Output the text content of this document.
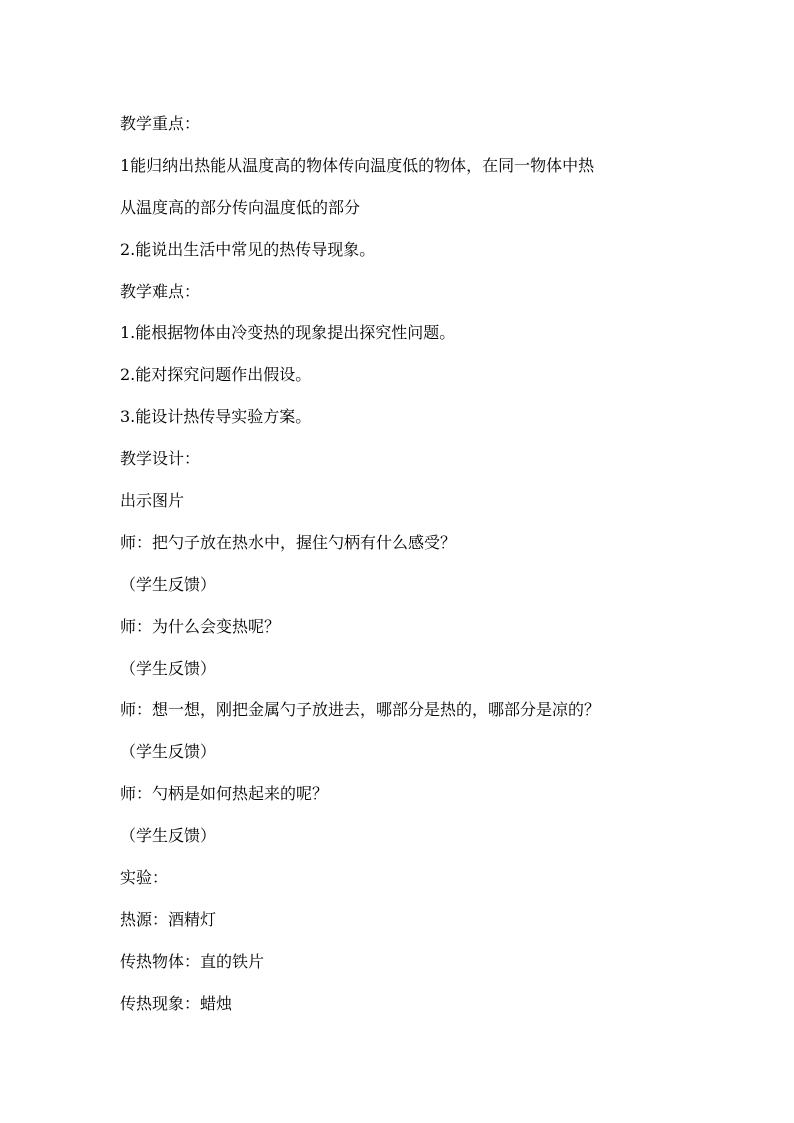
教学重点：
1能归纳出热能从温度高的物体传向温度低的物体，在同一物体中热
从温度高的部分传向温度低的部分
2.能说出生活中常见的热传导现象。
教学难点：
1.能根据物体由冷变热的现象提出探究性问题。
2.能对探究问题作出假设。
3.能设计热传导实验方案。
教学设计：
出示图片
师：把勺子放在热水中，握住勺柄有什么感受？
（学生反馈）
师：为什么会变热呢？
（学生反馈）
师：想一想，刚把金属勺子放进去，哪部分是热的，哪部分是凉的？
（学生反馈）
师：勺柄是如何热起来的呢？
（学生反馈）
实验：
热源：酒精灯
传热物体：直的铁片
传热现象：蜡烛
